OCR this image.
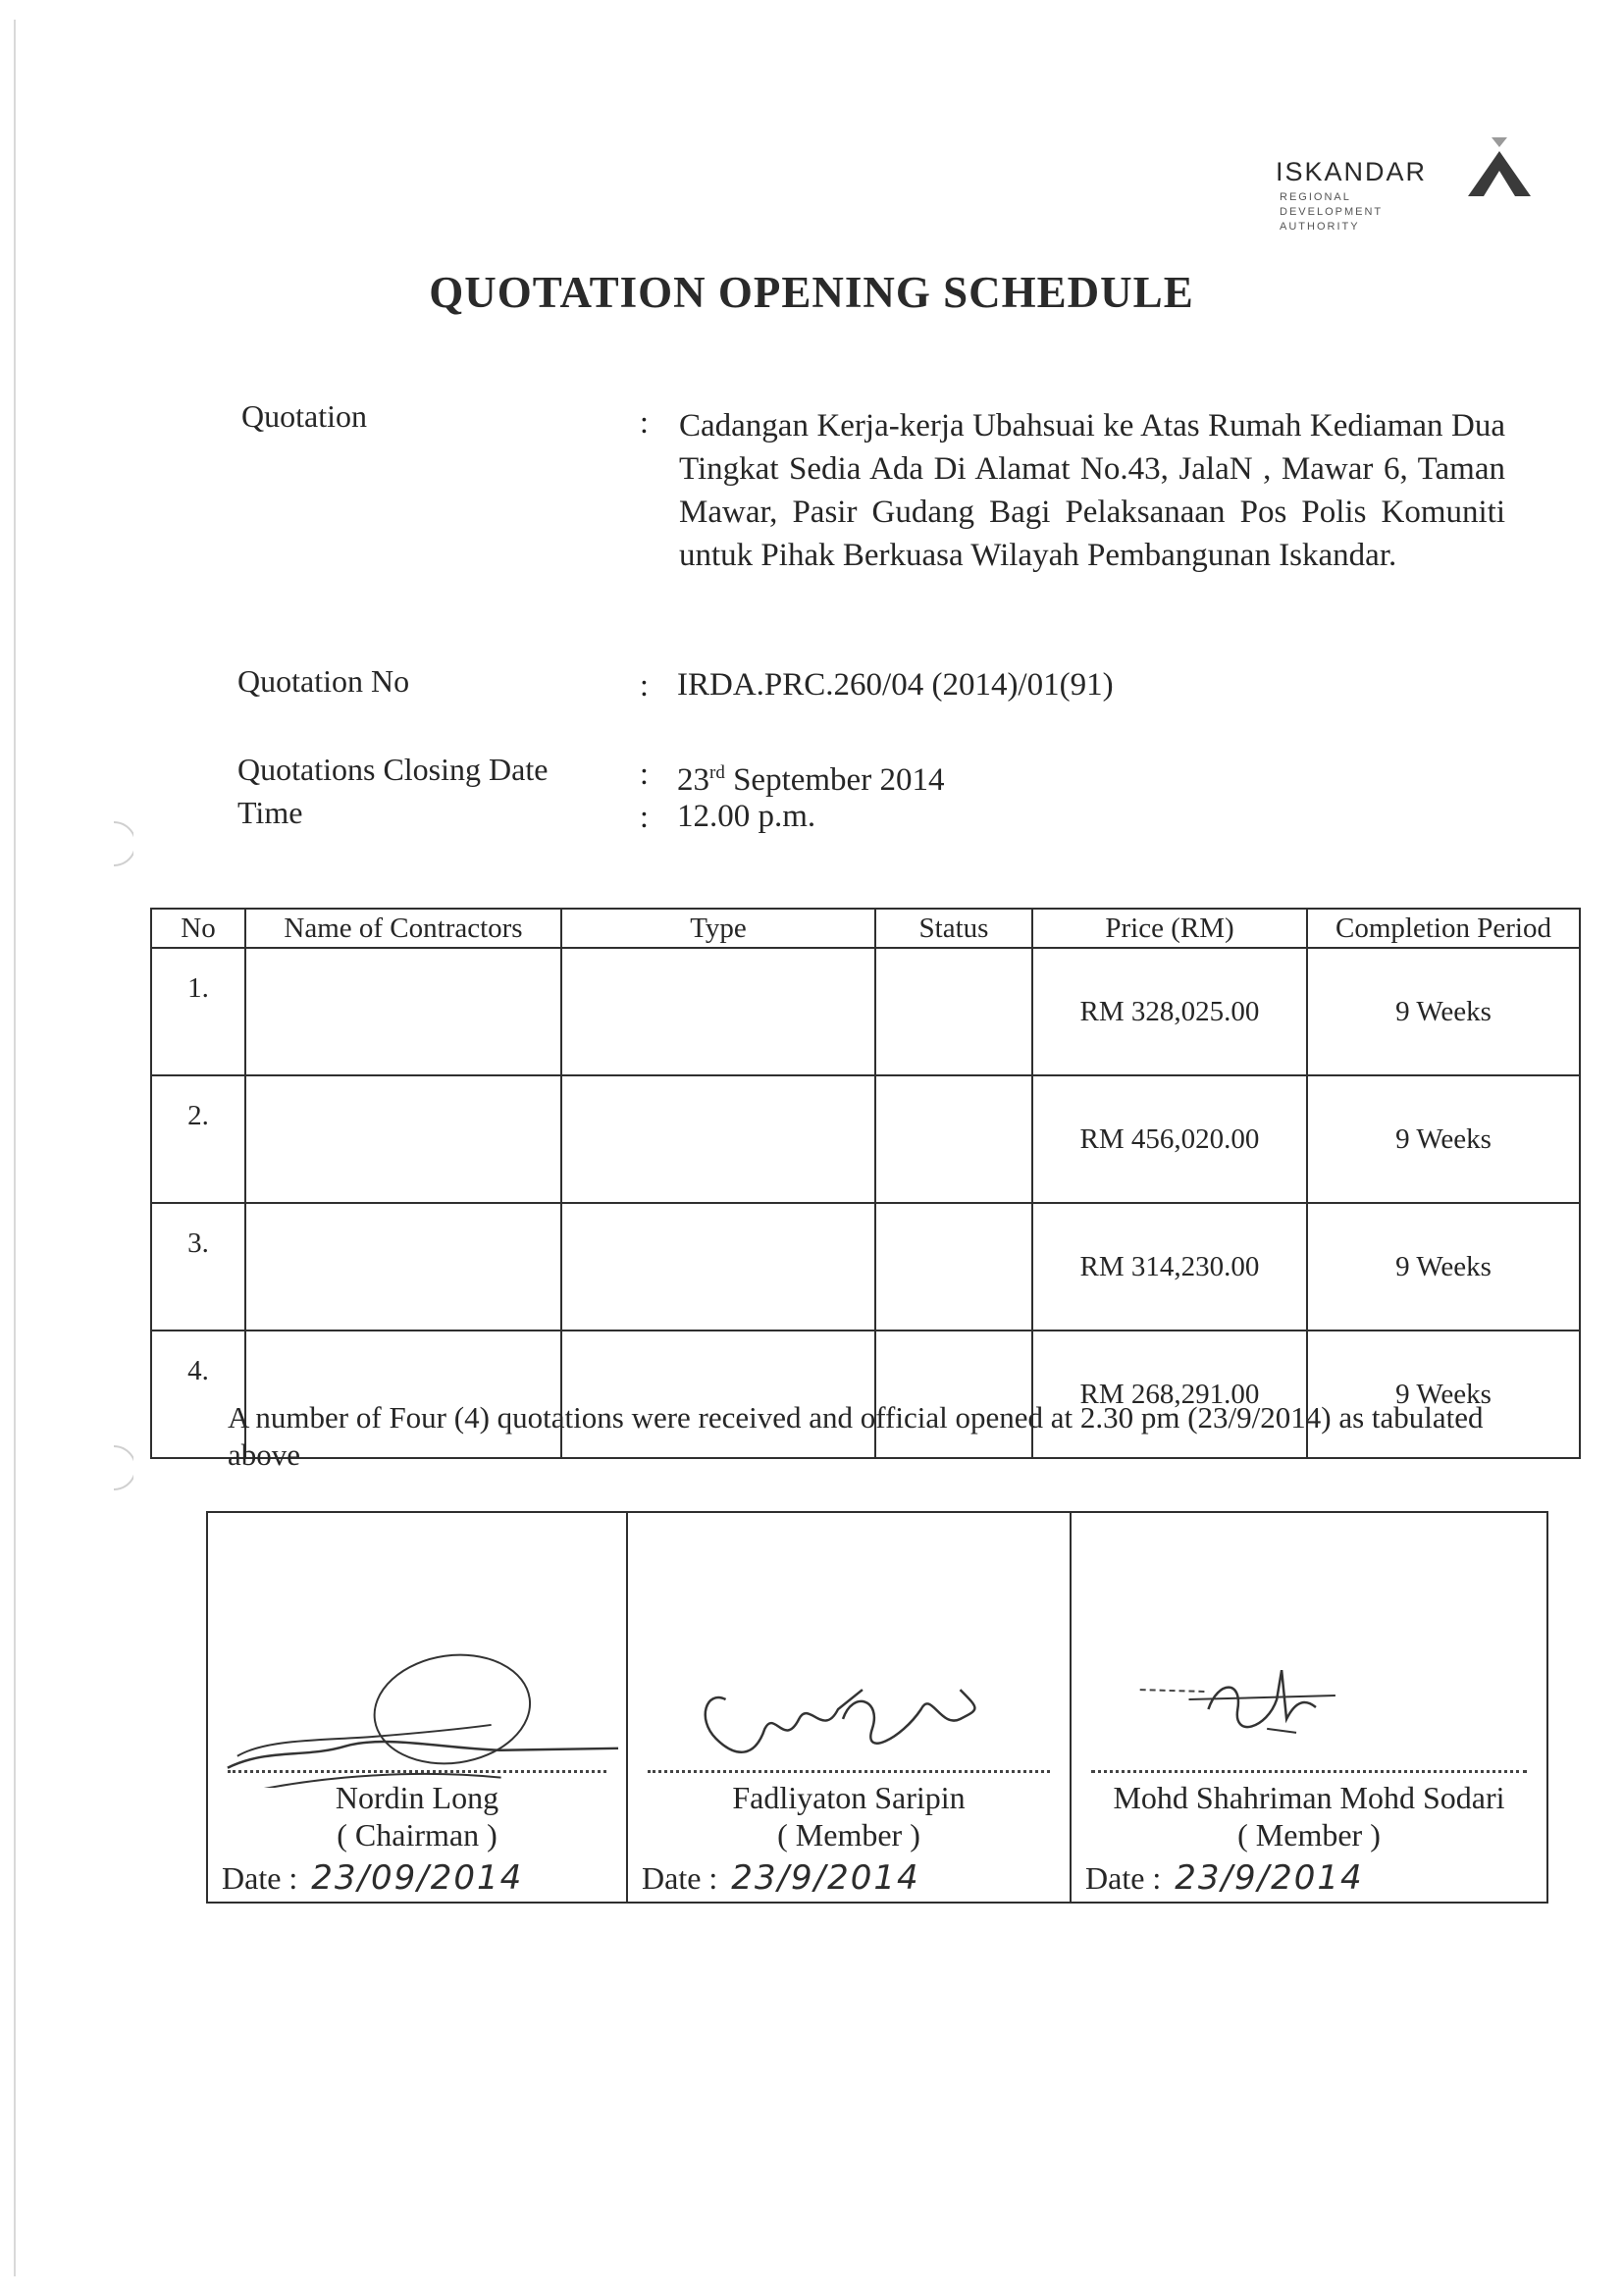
ISKANDAR
REGIONAL
DEVELOPMENT
AUTHORITY
QUOTATION OPENING SCHEDULE
Quotation	: Cadangan Kerja-kerja Ubahsuai ke Atas Rumah Kediaman Dua Tingkat Sedia Ada Di Alamat No.43, JalaN , Mawar 6, Taman Mawar, Pasir Gudang Bagi Pelaksanaan Pos Polis Komuniti untuk Pihak Berkuasa Wilayah Pembangunan Iskandar.
Quotation No	: IRDA.PRC.260/04 (2014)/01(91)
Quotations Closing Date	: 23rd September 2014
Time	: 12.00 p.m.
No	Name of Contractors	Type	Status	Price (RM)	Completion Period
1.				RM 328,025.00	9 Weeks
2.				RM 456,020.00	9 Weeks
3.				RM 314,230.00	9 Weeks
4.				RM 268,291.00	9 Weeks
A number of Four (4) quotations were received and official opened at 2.30 pm (23/9/2014) as tabulated above
Nordin Long
( Chairman )
Date : 23/09/2014

Fadliyaton Saripin
( Member )
Date : 23/9/2014

Mohd Shahriman Mohd Sodari
( Member )
Date : 23/9/2014
